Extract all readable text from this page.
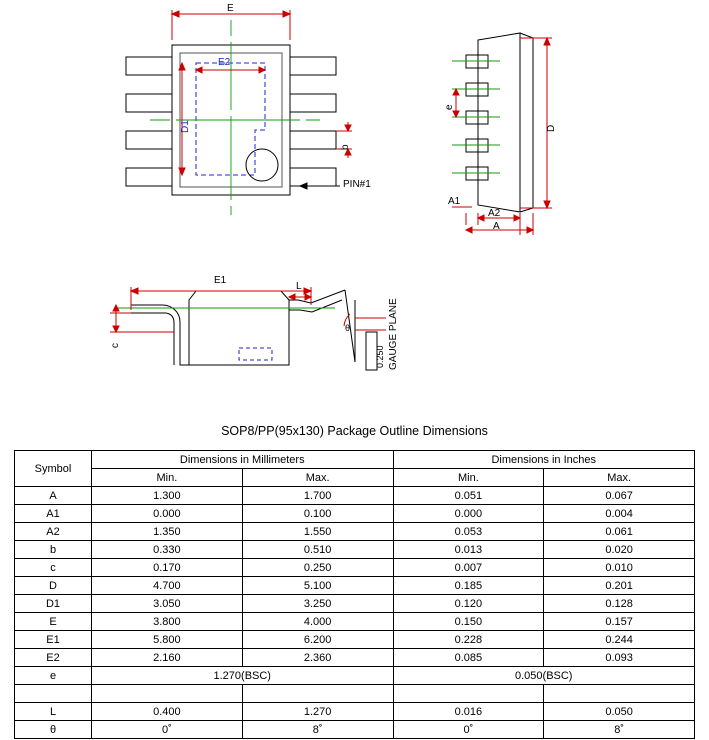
E
E2
D1
b
PIN#1
D
e
A1
A2
A
E1
L
c
θ
0.250 GAUGE PLANE
SOP8/PP(95x130) Package Outline Dimensions
Symbol	Dimensions in Millimeters		Dimensions in Inches	
	Min.	Max.	Min.	Max.
A	1.300	1.700	0.051	0.067
A1	0.000	0.100	0.000	0.004
A2	1.350	1.550	0.053	0.061
b	0.330	0.510	0.013	0.020
c	0.170	0.250	0.007	0.010
D	4.700	5.100	0.185	0.201
D1	3.050	3.250	0.120	0.128
E	3.800	4.000	0.150	0.157
E1	5.800	6.200	0.228	0.244
E2	2.160	2.360	0.085	0.093
e	1.270(BSC)		0.050(BSC)	

L	0.400	1.270	0.016	0.050
θ	0˚	8˚	0˚	8˚
